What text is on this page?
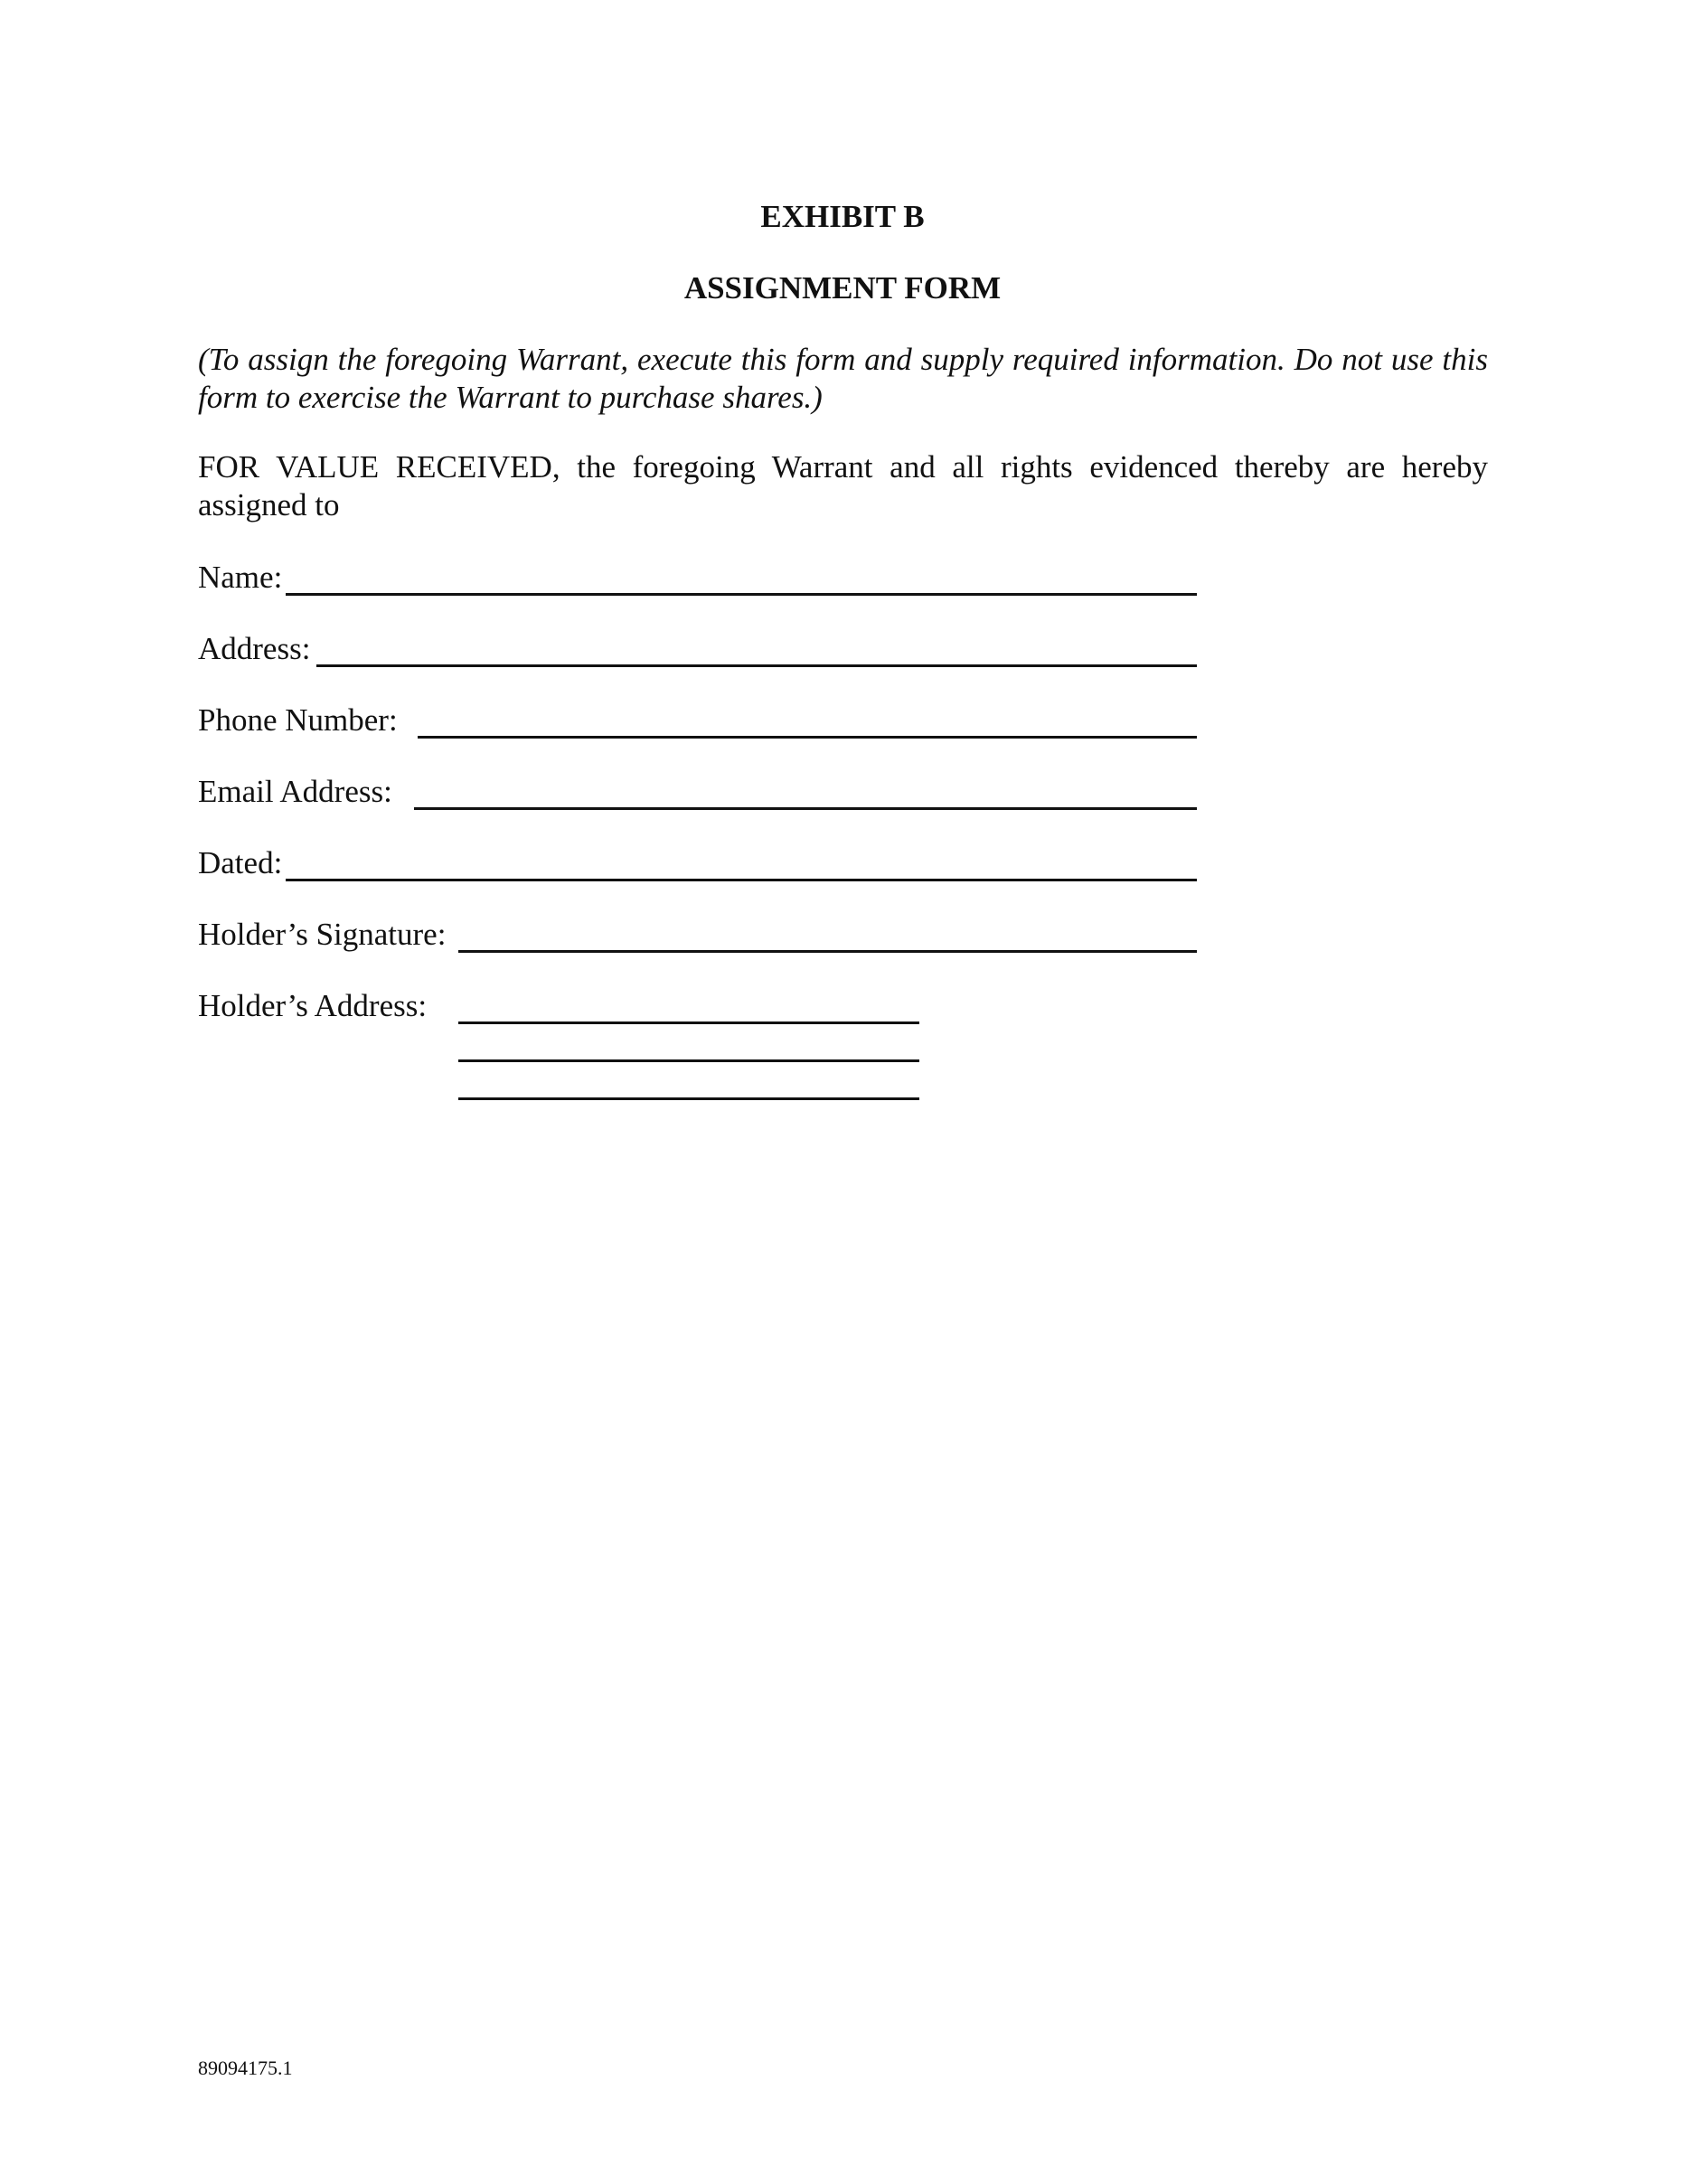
EXHIBIT B
ASSIGNMENT FORM
(To assign the foregoing Warrant, execute this form and supply required information. Do not use this form to exercise the Warrant to purchase shares.)
FOR VALUE RECEIVED, the foregoing Warrant and all rights evidenced thereby are hereby assigned to
Name:
Address:
Phone Number:
Email Address:
Dated:
Holder’s Signature:
Holder’s Address:
89094175.1
